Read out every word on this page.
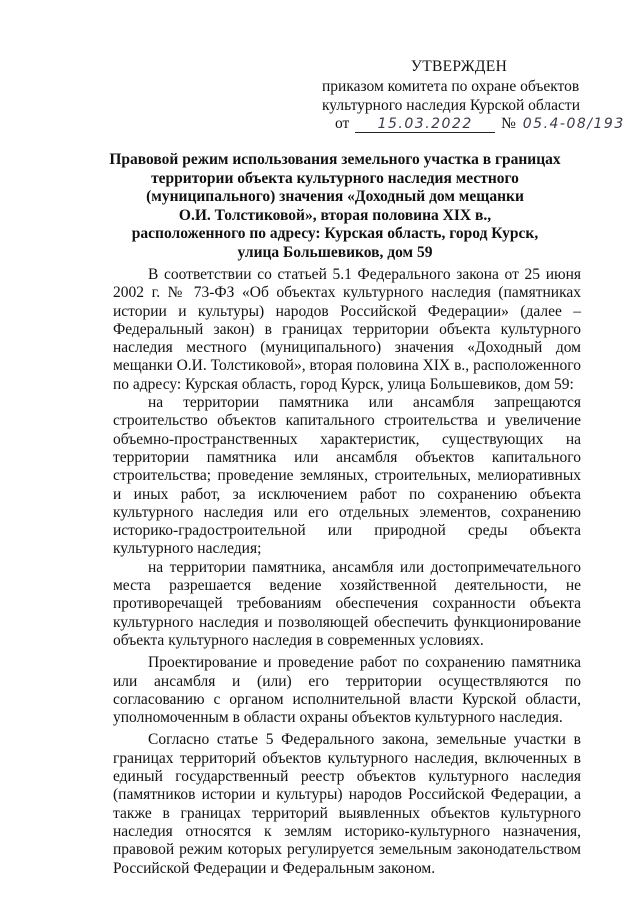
УТВЕРЖДЕН
приказом комитета по охране объектов
культурного наследия Курской области
от 15.03.2022 № 05.4-08/193
Правовой режим использования земельного участка в границах
территории объекта культурного наследия местного
(муниципального) значения «Доходный дом мещанки
О.И. Толстиковой», вторая половина XIX в.,
расположенного по адресу: Курская область, город Курск,
улица Большевиков, дом 59

В соответствии со статьей 5.1 Федерального закона от 25 июня 2002 г. № 73-ФЗ «Об объектах культурного наследия (памятниках истории и культуры) народов Российской Федерации» (далее – Федеральный закон) в границах территории объекта культурного наследия местного (муниципального) значения «Доходный дом мещанки О.И. Толстиковой», вторая половина XIX в., расположенного по адресу: Курская область, город Курск, улица Большевиков, дом 59:

на территории памятника или ансамбля запрещаются строительство объектов капитального строительства и увеличение объемно-пространственных характеристик, существующих на территории памятника или ансамбля объектов капитального строительства; проведение земляных, строительных, мелиоративных и иных работ, за исключением работ по сохранению объекта культурного наследия или его отдельных элементов, сохранению историко-градостроительной или природной среды объекта культурного наследия;

на территории памятника, ансамбля или достопримечательного места разрешается ведение хозяйственной деятельности, не противоречащей требованиям обеспечения сохранности объекта культурного наследия и позволяющей обеспечить функционирование объекта культурного наследия в современных условиях.

Проектирование и проведение работ по сохранению памятника или ансамбля и (или) его территории осуществляются по согласованию с органом исполнительной власти Курской области, уполномоченным в области охраны объектов культурного наследия.

Согласно статье 5 Федерального закона, земельные участки в границах территорий объектов культурного наследия, включенных в единый государственный реестр объектов культурного наследия (памятников истории и культуры) народов Российской Федерации, а также в границах территорий выявленных объектов культурного наследия относятся к землям историко-культурного назначения, правовой режим которых регулируется земельным законодательством Российской Федерации и Федеральным законом.
